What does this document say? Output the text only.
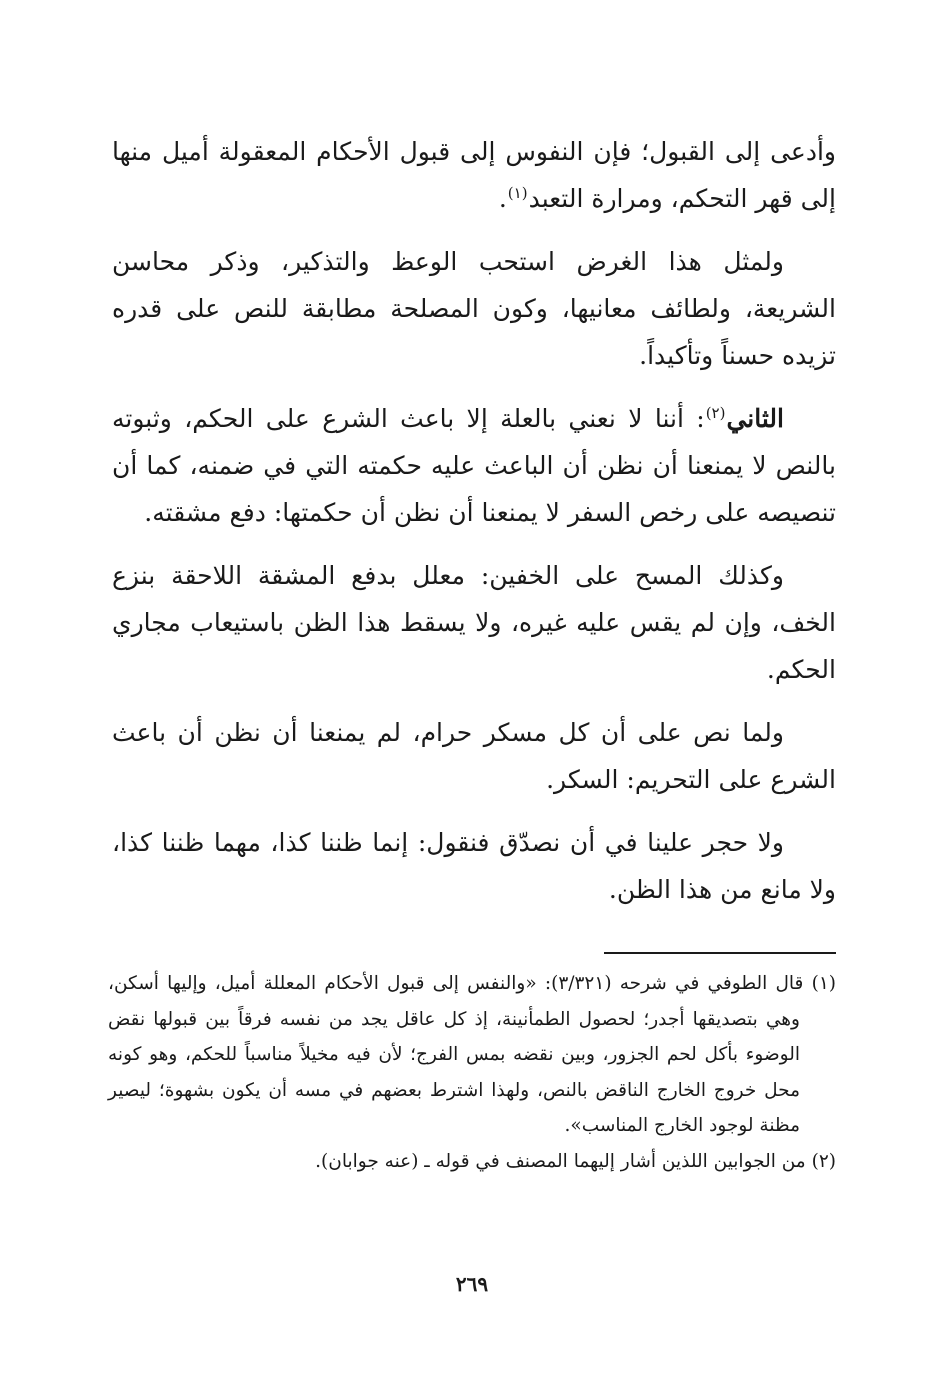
وأدعى إلى القبول؛ فإن النفوس إلى قبول الأحكام المعقولة أميل منها إلى قهر التحكم، ومرارة التعبد$^{(١)}$.

ولمثل هذا الغرض استحب الوعظ والتذكير، وذكر محاسن الشريعة، ولطائف معانيها، وكون المصلحة مطابقة للنص على قدره تزيده حسناً وتأكيداً.

الثاني$^{(٢)}$: أننا لا نعني بالعلة إلا باعث الشرع على الحكم، وثبوته بالنص لا يمنعنا أن نظن أن الباعث عليه حكمته التي في ضمنه، كما أن تنصيصه على رخص السفر لا يمنعنا أن نظن أن حكمتها: دفع مشقته.

وكذلك المسح على الخفين: معلل بدفع المشقة اللاحقة بنزع الخف، وإن لم يقس عليه غيره، ولا يسقط هذا الظن باستيعاب مجاري الحكم.

ولما نص على أن كل مسكر حرام، لم يمنعنا أن نظن أن باعث الشرع على التحريم: السكر.

ولا حجر علينا في أن نصدّق فنقول: إنما ظننا كذا، مهما ظننا كذا، ولا مانع من هذا الظن.

(١) قال الطوفي في شرحه (٣/٣٢١): «والنفس إلى قبول الأحكام المعللة أميل، وإليها أسكن، وهي بتصديقها أجدر؛ لحصول الطمأنينة، إذ كل عاقل يجد من نفسه فرقاً بين قبولها نقض الوضوء بأكل لحم الجزور، وبين نقضه بمس الفرج؛ لأن فيه مخيلاً مناسباً للحكم، وهو كونه محل خروج الخارج الناقض بالنص، ولهذا اشترط بعضهم في مسه أن يكون بشهوة؛ ليصير مظنة لوجود الخارج المناسب».

(٢) من الجوابين اللذين أشار إليهما المصنف في قوله ـ (عنه جوابان).

٢٦٩
